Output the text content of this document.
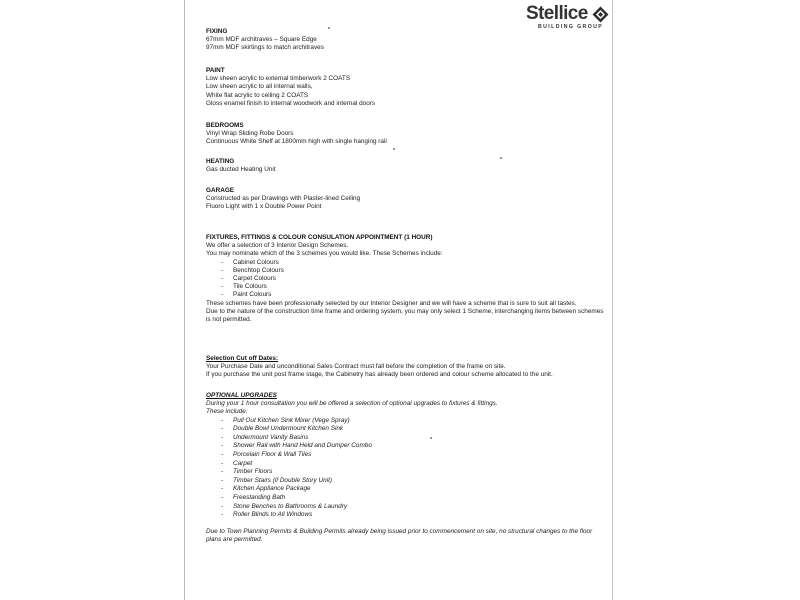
Stellice
BUILDING GROUP
FIXING
67mm MDF architraves – Square Edge
97mm MDF skirtings to match architraves
PAINT
Low sheen acrylic to external timberwork 2 COATS
Low sheen acrylic to all internal walls,
White flat acrylic to ceiling 2 COATS
Gloss enamel finish to internal woodwork and internal doors
BEDROOMS
Vinyl Wrap Sliding Robe Doors
Continuous White Shelf at 1800mm high with single hanging rail
HEATING
Gas ducted Heating Unit
GARAGE
Constructed as per Drawings with Plaster-lined Ceiling
Fluoro Light with 1 x Double Power Point
FIXTURES, FITTINGS & COLOUR CONSULATION APPOINTMENT (1 HOUR)
We offer a selection of 3 Interior Design Schemes.
You may nominate which of the 3 schemes you would like. These Schemes include:
- Cabinet Colours
- Benchtop Colours
- Carpet Colours
- Tile Colours
- Paint Colours
These schemes have been professionally selected by our Interior Designer and we will have a scheme that is sure to suit all tastes.
Due to the nature of the construction time frame and ordering system, you may only select 1 Scheme, interchanging items between schemes is not permitted.
Selection Cut off Dates:
Your Purchase Date and unconditional Sales Contract must fall before the completion of the frame on site.
If you purchase the unit post frame stage, the Cabinetry has already been ordered and colour scheme allocated to the unit.
OPTIONAL UPGRADES
During your 1 hour consultation you will be offered a selection of optional upgrades to fixtures & fittings.
These include:
- Pull Out Kitchen Sink Mixer (Vege Spray)
- Double Bowl Undermount Kitchen Sink
- Undermount Vanity Basins
- Shower Rail with Hand Held and Dumper Combo
- Porcelain Floor & Wall Tiles
- Carpet
- Timber Floors
- Timber Stairs (if Double Story Unit)
- Kitchen Appliance Package
- Freestanding Bath
- Stone Benches to Bathrooms & Laundry
- Roller Blinds to All Windows
Due to Town Planning Permits & Building Permits already being issued prior to commencement on site, no structural changes to the floor plans are permitted.
